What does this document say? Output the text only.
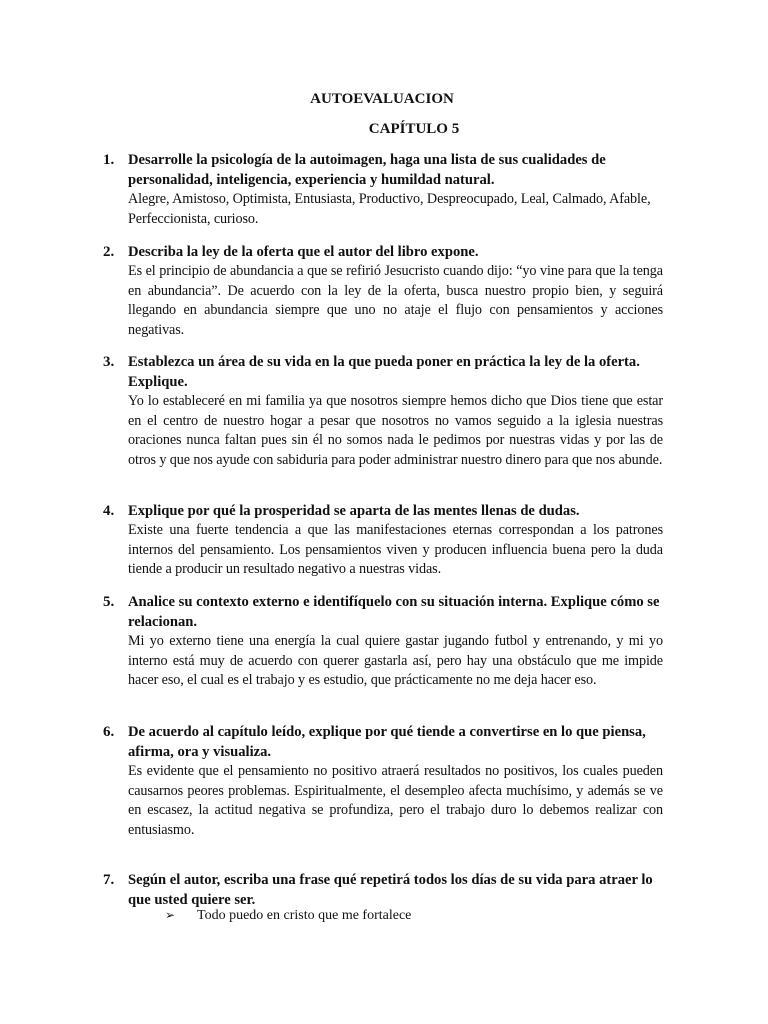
AUTOEVALUACION
CAPÍTULO 5
1. Desarrolle la psicología de la autoimagen, haga una lista de sus cualidades de personalidad, inteligencia, experiencia y humildad natural.
Alegre, Amistoso, Optimista, Entusiasta, Productivo, Despreocupado, Leal, Calmado, Afable, Perfeccionista, curioso.
2. Describa la ley de la oferta que el autor del libro expone.
Es el principio de abundancia a que se refirió Jesucristo cuando dijo: “yo vine para que la tenga en abundancia”. De acuerdo con la ley de la oferta, busca nuestro propio bien, y seguirá llegando en abundancia siempre que uno no ataje el flujo con pensamientos y acciones negativas.
3. Establezca un área de su vida en la que pueda poner en práctica la ley de la oferta. Explique.
Yo lo estableceré en mi familia ya que nosotros siempre hemos dicho que Dios tiene que estar en el centro de nuestro hogar a pesar que nosotros no vamos seguido a la iglesia nuestras oraciones nunca faltan pues sin él no somos nada le pedimos por nuestras vidas y por las de otros y que nos ayude con sabiduria para poder administrar nuestro dinero para que nos abunde.
4. Explique por qué la prosperidad se aparta de las mentes llenas de dudas.
Existe una fuerte tendencia a que las manifestaciones eternas correspondan a los patrones internos del pensamiento. Los pensamientos viven y producen influencia buena pero la duda tiende a producir un resultado negativo a nuestras vidas.
5. Analice su contexto externo e identifíquelo con su situación interna. Explique cómo se relacionan.
Mi yo externo tiene una energía la cual quiere gastar jugando futbol y entrenando, y mi yo interno está muy de acuerdo con querer gastarla así, pero hay una obstáculo que me impide hacer eso, el cual es el trabajo y es estudio, que prácticamente no me deja hacer eso.
6. De acuerdo al capítulo leído, explique por qué tiende a convertirse en lo que piensa, afirma, ora y visualiza.
Es evidente que el pensamiento no positivo atraerá resultados no positivos, los cuales pueden causarnos peores problemas. Espiritualmente, el desempleo afecta muchísimo, y además se ve en escasez, la actitud negativa se profundiza, pero el trabajo duro lo debemos realizar con entusiasmo.
7. Según el autor, escriba una frase qué repetirá todos los días de su vida para atraer lo que usted quiere ser.
➢ Todo puedo en cristo que me fortalece
